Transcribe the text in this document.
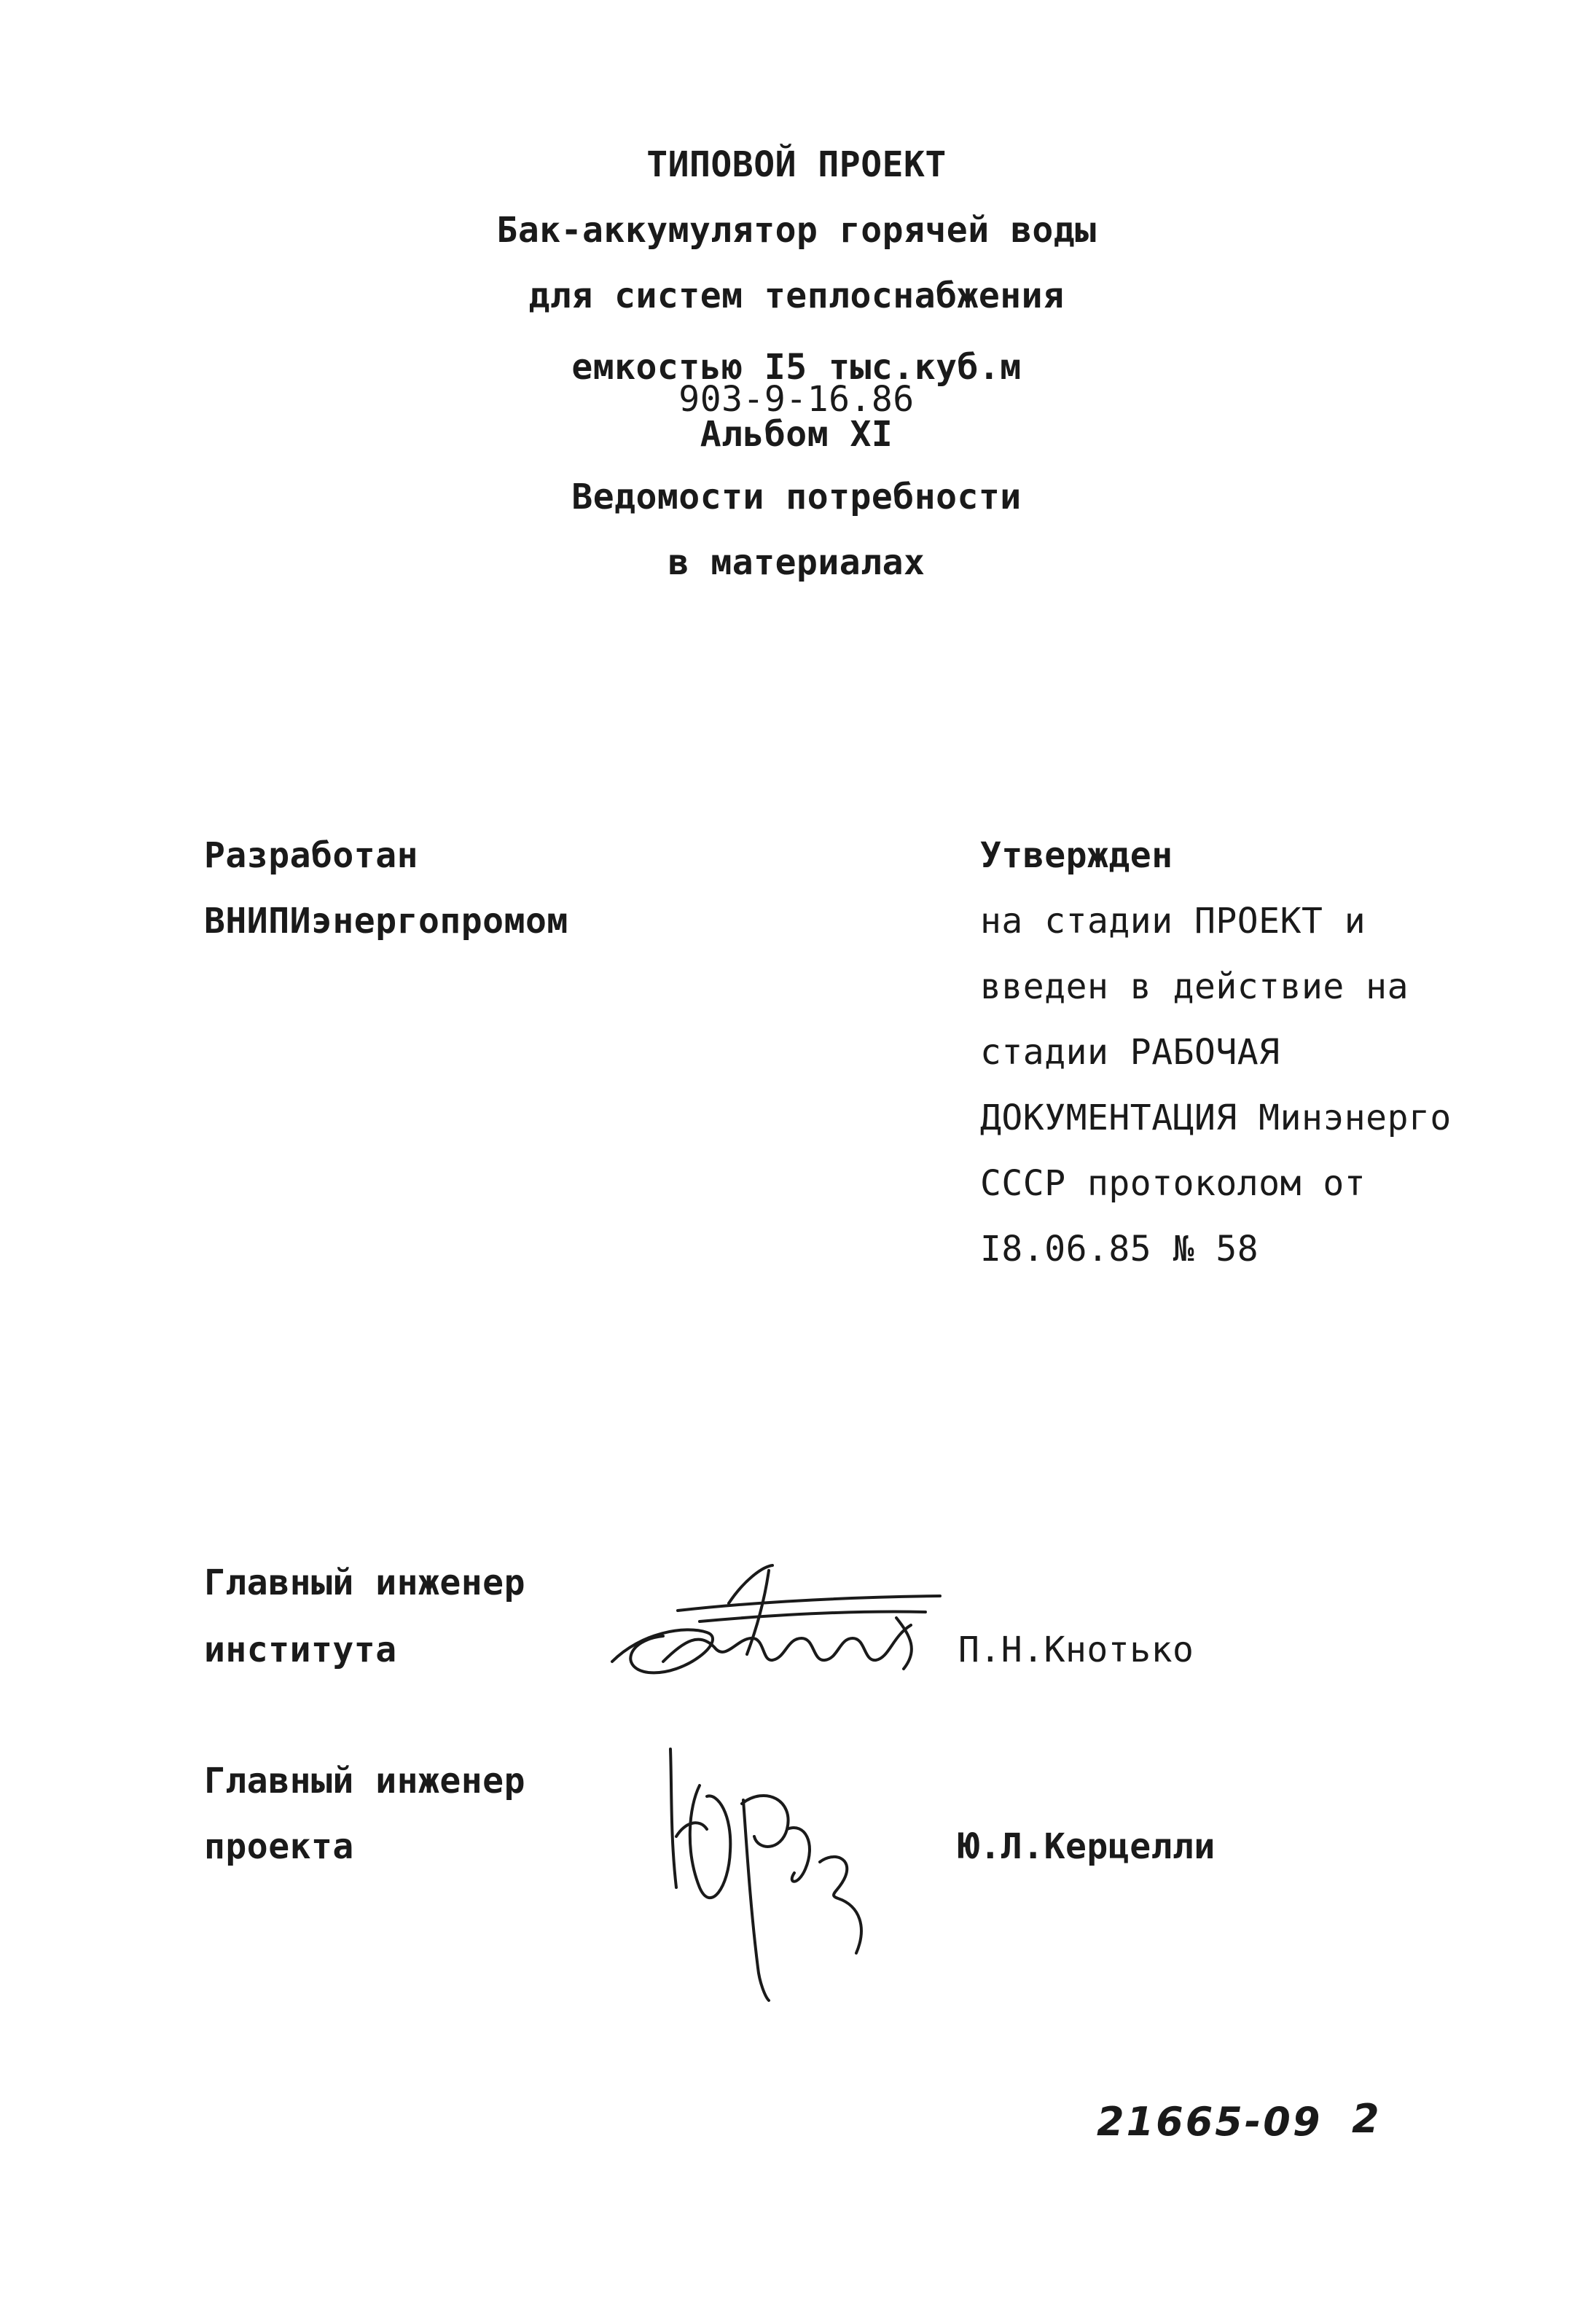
ТИПОВОЙ ПРОЕКТ
Бак-аккумулятор горячей воды
для систем теплоснабжения
емкостью I5 тыс.куб.м
903-9-16.86
Альбом XI
Ведомости потребности
в материалах
Разработан
ВНИПИэнергопромом
Утвержден
на стадии ПРОЕКТ и
введен в действие на
стадии РАБОЧАЯ
ДОКУМЕНТАЦИЯ Минэнерго
СССР протоколом от
I8.06.85 № 58
Главный инженер
института	П.Н.Кнотько
Главный инженер
проекта	Ю.Л.Керцелли
21665-09 2
